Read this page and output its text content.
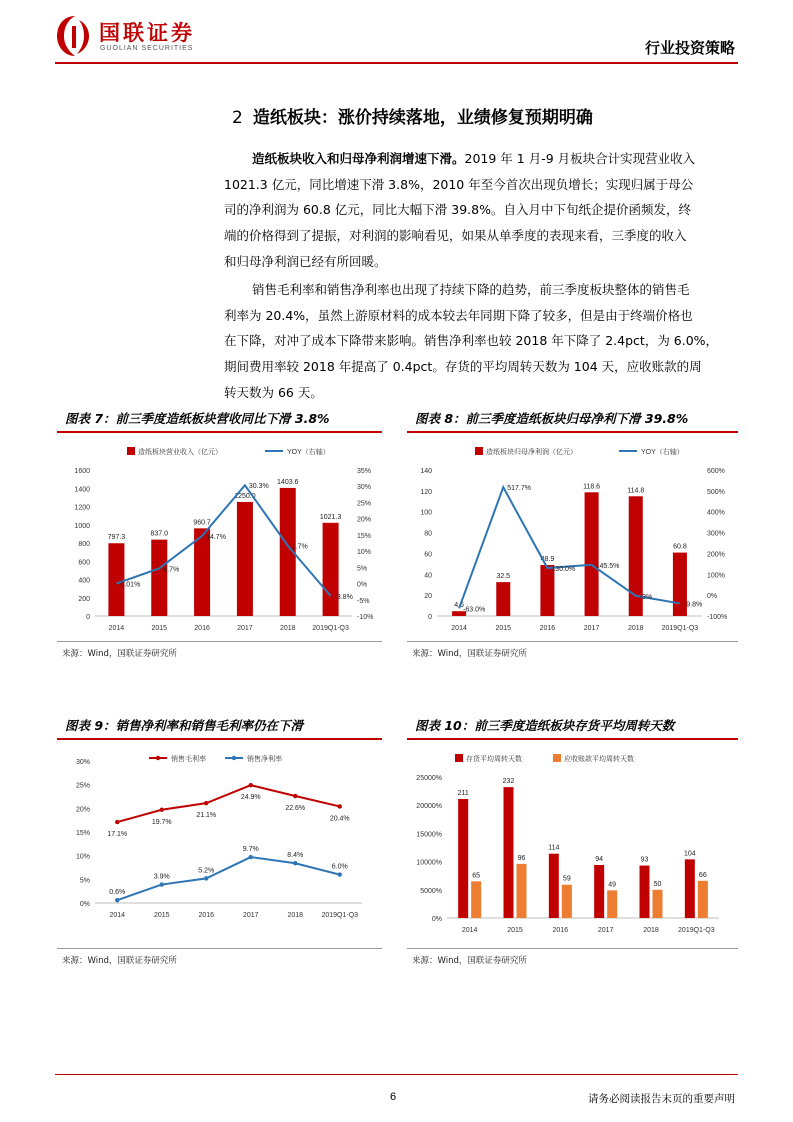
国联证券
GUOLIAN SECURITIES	行业投资策略
2 造纸板块：涨价持续落地，业绩修复预期明确
造纸板块收入和归母净利润增速下滑。2019 年 1 月-9 月板块合计实现营业收入
1021.3 亿元，同比增速下滑 3.8%，2010 年至今首次出现负增长；实现归属于母公
司的净利润为 60.8 亿元，同比大幅下滑 39.8%。自入月中下旬纸企提价函频发，终
端的价格得到了提振，对利润的影响看见，如果从单季度的表现来看，三季度的收入
和归母净利润已经有所回暖。
销售毛利率和销售净利率也出现了持续下降的趋势，前三季度板块整体的销售毛
利率为 20.4%，虽然上游原材料的成本较去年同期下降了较多，但是由于终端价格也
在下降，对冲了成本下降带来影响。销售净利率也较 2018 年下降了 2.4pct，为 6.0%，
期间费用率较 2018 年提高了 0.4pct。存货的平均周转天数为 104 天，应收账款的周
转天数为 66 天。
图表 7：前三季度造纸板块营收同比下滑 3.8%
0
200
400
600
800
1000
1200
1400
1600
-10%
-5%
0%
5%
10%
15%
20%
25%
30%
35%
2014	2015	2016	2017	2018 2019Q1-Q3
造纸板块营业收入（亿元）	YOY（右轴）
797.3
837.0
960.7
1250.0
1403.6
1021.3
0.01%
4.7%
14.7%
30.3%
1.7%
-3.8%
来源：Wind，国联证券研究所
图表 8：前三季度造纸板块归母净利下滑 39.8%
0
20
40
60
80
100
120
140
-100%
0%
100%
200%
300%
400%
500%
600%
2014	2015	2016	2017	2018	2019Q1-Q3
造纸板块归母净利润（亿元）	YOY（右轴）
4.6
32.5
48.9
118.6
114.8
60.8
-63.0%
517.7%
130.0%	145.5%
-3%
-9.8%
来源：Wind，国联证券研究所
图表 9：销售净利率和销售毛利率仍在下滑
0%
5%
10%
15%
20%
25%
30%
2014	2015	2016	2017	2018	2019Q1-Q3
销售毛利率	销售净利率
17.1%
19.7%
21.1%
24.9%
22.6%
20.4%
0.6%
3.9%
5.2%
9.7%
8.4%
6.0%
来源：Wind，国联证券研究所
图表 10：前三季度造纸板块存货平均周转天数
0%
5000%
10000%
15000%
20000%
25000%
2014	2015	2016	2017	2018	2019Q1-Q3
存货平均周转天数	应收账款平均周转天数
211
232
114
94	93
104
65
96
59
49	50
66
来源：Wind，国联证券研究所
6	请务必阅读报告末页的重要声明
